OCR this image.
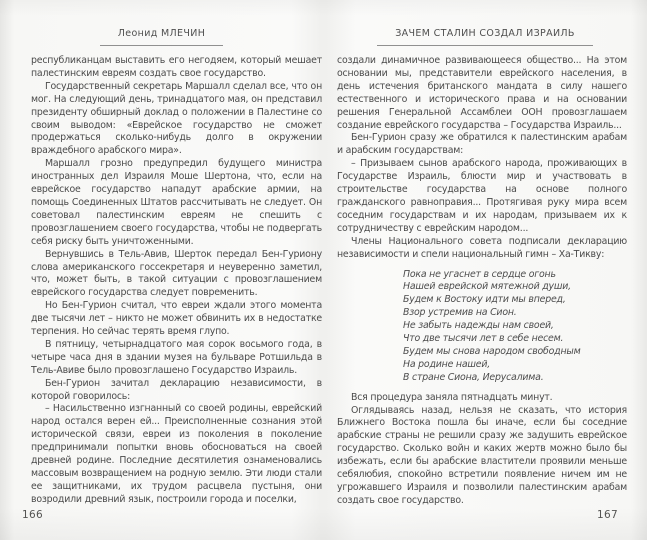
Леонид МЛЕЧИН

республиканцам выставить его негодяем, который мешает палестинским евреям создать свое государство.

Государственный секретарь Маршалл сделал все, что он мог. На следующий день, тринадцатого мая, он представил президенту обширный доклад о положении в Палестине со своим выводом: «Еврейское государство не сможет продержаться сколько-нибудь долго в окружении враждебного арабского мира».

Маршалл грозно предупредил будущего министра иностранных дел Израиля Моше Шертона, что, если на еврейское государство нападут арабские армии, на помощь Соединенных Штатов рассчитывать не следует. Он советовал палестинским евреям не спешить с провозглашением своего государства, чтобы не подвергать себя риску быть уничтоженными.

Вернувшись в Тель-Авив, Шерток передал Бен-Гуриону слова американского госсекретаря и неуверенно заметил, что, может быть, в такой ситуации с провозглашением еврейского государства следует повременить.

Но Бен-Гурион считал, что евреи ждали этого момента две тысячи лет – никто не может обвинить их в недостатке терпения. Но сейчас терять время глупо.

В пятницу, четырнадцатого мая сорок восьмого года, в четыре часа дня в здании музея на бульваре Ротшильда в Тель-Авиве было провозглашено Государство Израиль.

Бен-Гурион зачитал декларацию независимости, в которой говорилось:

– Насильственно изгнанный со своей родины, еврейский народ остался верен ей... Преисполненные сознания этой исторической связи, евреи из поколения в поколение предпринимали попытки вновь обосноваться на своей древней родине. Последние десятилетия ознаменовались массовым возвращением на родную землю. Эти люди стали ее защитниками, их трудом расцвела пустыня, они возродили древний язык, построили города и поселки,

166
ЗАЧЕМ СТАЛИН СОЗДАЛ ИЗРАИЛЬ

создали динамичное развивающееся общество... На этом основании мы, представители еврейского населения, в день истечения британского мандата в силу нашего естественного и исторического права и на основании решения Генеральной Ассамблеи ООН провозглашаем создание еврейского государства – Государства Израиль...

Бен-Гурион сразу же обратился к палестинским арабам и арабским государствам:

– Призываем сынов арабского народа, проживающих в Государстве Израиль, блюсти мир и участвовать в строительстве государства на основе полного гражданского равноправия... Протягивая руку мира всем соседним государствам и их народам, призываем их к сотрудничеству с еврейским народом...

Члены Национального совета подписали декларацию независимости и спели национальный гимн – Ха-Тикву:

Пока не угаснет в сердце огонь
Нашей еврейской мятежной души,
Будем к Востоку идти мы вперед,
Взор устремив на Сион.
Не забыть надежды нам своей,
Что две тысячи лет в себе несем.
Будем мы снова народом свободным
На родине нашей,
В стране Сиона, Иерусалима.

Вся процедура заняла пятнадцать минут.

Оглядываясь назад, нельзя не сказать, что история Ближнего Востока пошла бы иначе, если бы соседние арабские страны не решили сразу же задушить еврейское государство. Сколько войн и каких жертв можно было бы избежать, если бы арабские властители проявили меньше себялюбия, спокойно встретили появление ничем им не угрожавшего Израиля и позволили палестинским арабам создать свое государство.

167
